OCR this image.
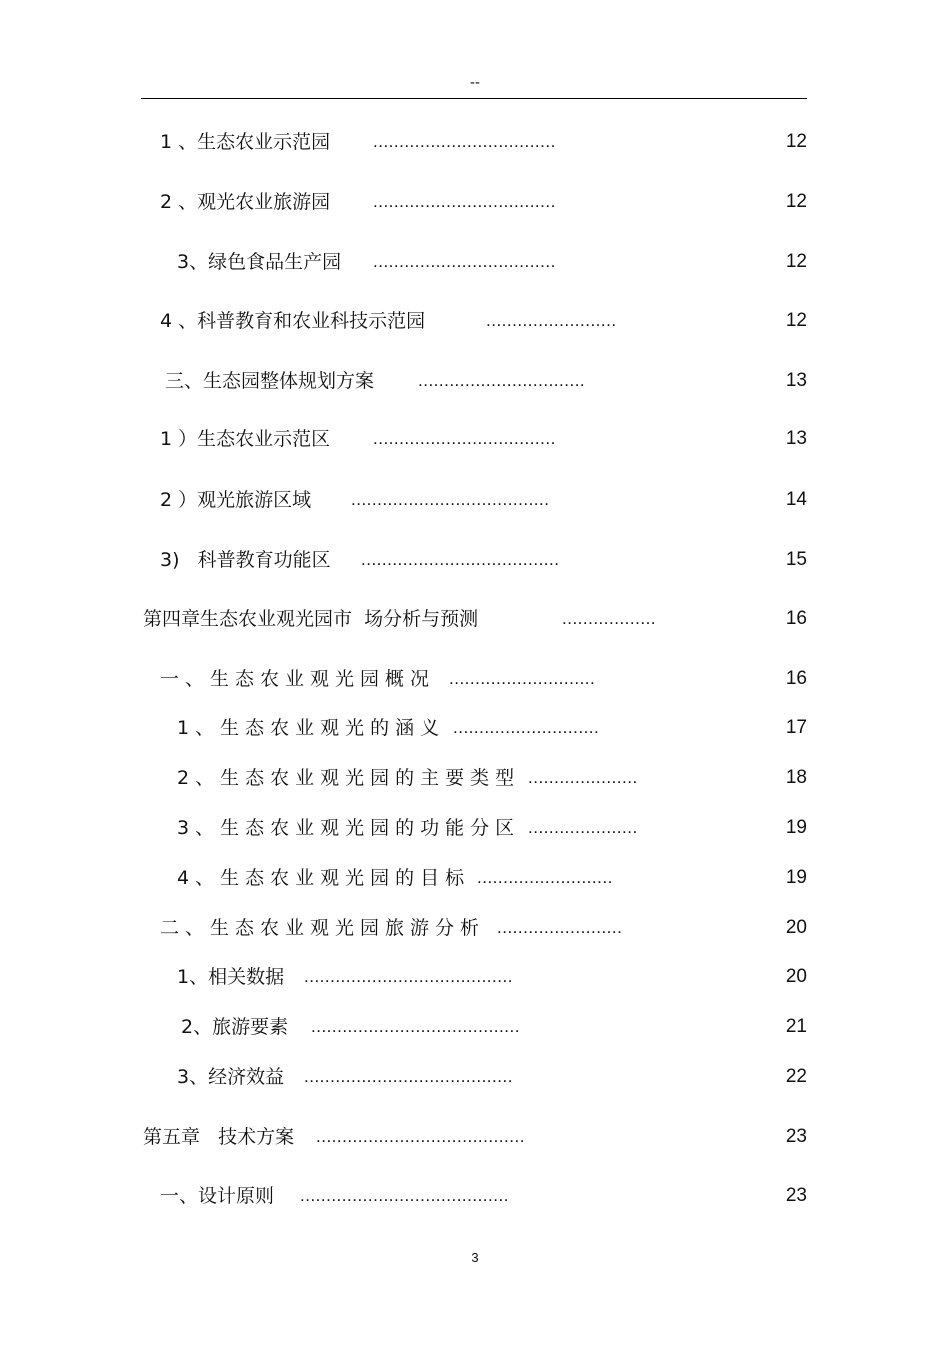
--
1 、生态农业示范园	...................................	12
2 、观光农业旅游园	...................................	12
3、绿色食品生产园 ...................................	12
4 、科普教育和农业科技示范园	.........................	12
三、生态园整体规划方案	................................	13
1 ）生态农业示范区	...................................	13
2 ）观光旅游区域 ......................................	14
3)   科普教育功能区 ......................................	15
第四章生态农业观光园市  场分析与预测	..................	16
一、生态农业观光园概况 ............................	16
1、生态农业观光的涵义 ............................	17
2、生态农业观光园的主要类型 .....................	18
3、生态农业观光园的功能分区 .....................	19
4、生态农业观光园的目标 ..........................	19
二、生态农业观光园旅游分析 ........................	20
1、相关数据 ........................................	20
2、旅游要素 ........................................	21
3、经济效益 ........................................	22
第五章   技术方案 ........................................	23
一、设计原则 ........................................	23
3
